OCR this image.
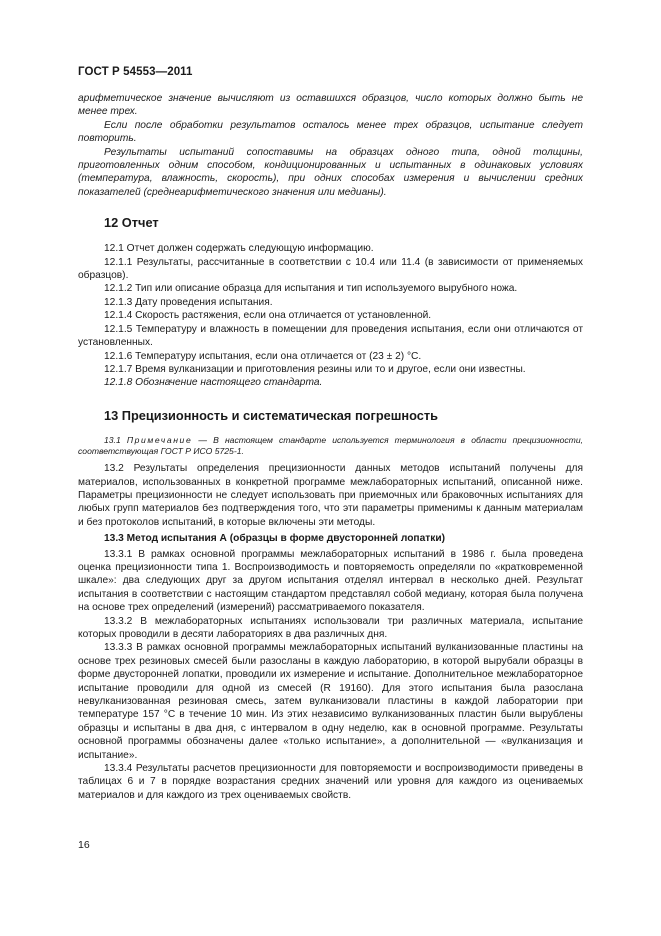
ГОСТ Р 54553—2011

арифметическое значение вычисляют из оставшихся образцов, число которых должно быть не менее трех.

Если после обработки результатов осталось менее трех образцов, испытание следует повторить.

Результаты испытаний сопоставимы на образцах одного типа, одной толщины, приготовленных одним способом, кондиционированных и испытанных в одинаковых условиях (температура, влажность, скорость), при одних способах измерения и вычислении средних показателей (среднеарифметического значения или медианы).

12 Отчет

12.1 Отчет должен содержать следующую информацию.

12.1.1 Результаты, рассчитанные в соответствии с 10.4 или 11.4 (в зависимости от применяемых образцов).

12.1.2 Тип или описание образца для испытания и тип используемого вырубного ножа.

12.1.3 Дату проведения испытания.

12.1.4 Скорость растяжения, если она отличается от установленной.

12.1.5 Температуру и влажность в помещении для проведения испытания, если они отличаются от установленных.

12.1.6 Температуру испытания, если она отличается от (23 ± 2) °С.

12.1.7 Время вулканизации и приготовления резины или то и другое, если они известны.

12.1.8 Обозначение настоящего стандарта.

13 Прецизионность и систематическая погрешность

13.1 Примечание — В настоящем стандарте используется терминология в области прецизионности, соответствующая ГОСТ Р ИСО 5725-1.

13.2 Результаты определения прецизионности данных методов испытаний получены для материалов, использованных в конкретной программе межлабораторных испытаний, описанной ниже. Параметры прецизионности не следует использовать при приемочных или браковочных испытаниях для любых групп материалов без подтверждения того, что эти параметры применимы к данным материалам и без протоколов испытаний, в которые включены эти методы.

13.3 Метод испытания А (образцы в форме двусторонней лопатки)

13.3.1 В рамках основной программы межлабораторных испытаний в 1986 г. была проведена оценка прецизионности типа 1. Воспроизводимость и повторяемость определяли по «кратковременной шкале»: два следующих друг за другом испытания отделял интервал в несколько дней. Результат испытания в соответствии с настоящим стандартом представлял собой медиану, которая была получена на основе трех определений (измерений) рассматриваемого показателя.

13.3.2 В межлабораторных испытаниях использовали три различных материала, испытание которых проводили в десяти лабораториях в два различных дня.

13.3.3 В рамках основной программы межлабораторных испытаний вулканизованные пластины на основе трех резиновых смесей были разосланы в каждую лабораторию, в которой вырубали образцы в форме двусторонней лопатки, проводили их измерение и испытание. Дополнительное межлабораторное испытание проводили для одной из смесей (R 19160). Для этого испытания была разослана невулканизованная резиновая смесь, затем вулканизовали пластины в каждой лаборатории при температуре 157 °С в течение 10 мин. Из этих независимо вулканизованных пластин были вырублены образцы и испытаны в два дня, с интервалом в одну неделю, как в основной программе. Результаты основной программы обозначены далее «только испытание», а дополнительной — «вулканизация и испытание».

13.3.4 Результаты расчетов прецизионности для повторяемости и воспроизводимости приведены в таблицах 6 и 7 в порядке возрастания средних значений или уровня для каждого из оцениваемых материалов и для каждого из трех оцениваемых свойств.

16
